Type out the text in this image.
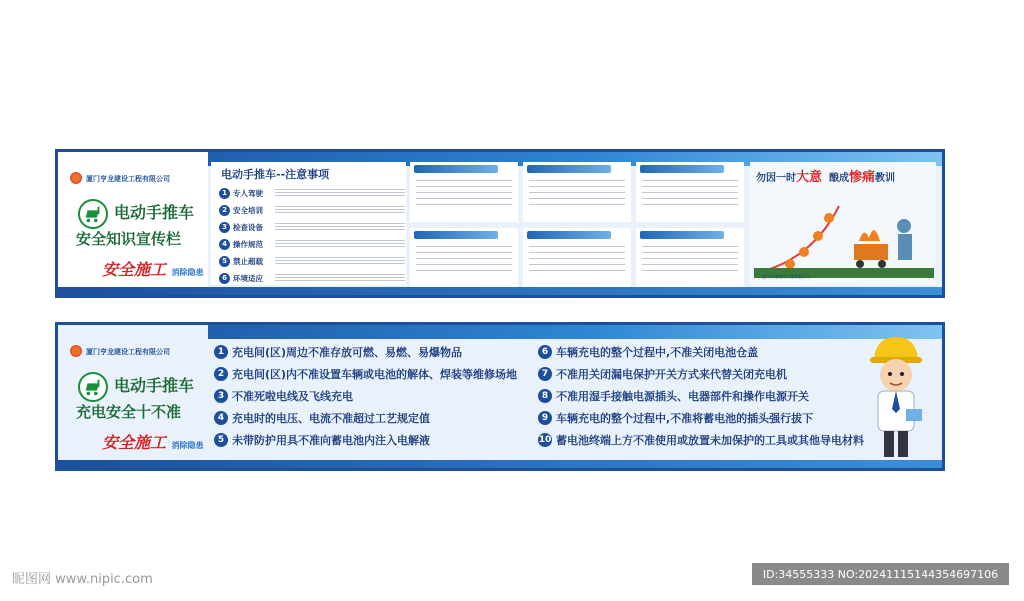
厦门亨龙建设工程有限公司
电动手推车
安全知识宣传栏
安全施工 消除隐患
电动手推车--注意事项
1 专人驾驶
2 安全培训
3 检查设备
4 操作规范
5 禁止超载
6 环境适应
勿因一时大意 酿成惨痛教训
厦门亨龙建设工程有限公司
厦门亨龙建设工程有限公司
电动手推车
充电安全十不准
安全施工 消除隐患
1 充电间(区)周边不准存放可燃、易燃、易爆物品
2 充电间(区)内不准设置车辆或电池的解体、焊装等维修场地
3 不准死啦电线及飞线充电
4 充电时的电压、电流不准超过工艺规定值
5 未带防护用具不准向蓄电池内注入电解液
6 车辆充电的整个过程中,不准关闭电池仓盖
7 不准用关闭漏电保护开关方式来代替关闭充电机
8 不准用湿手接触电源插头、电器部件和操作电源开关
9 车辆充电的整个过程中,不准将蓄电池的插头强行拔下
10 蓄电池终端上方不准使用或放置未加保护的工具或其他导电材料
昵图网 www.nipic.com	ID:34555333 NO:20241115144354697106
